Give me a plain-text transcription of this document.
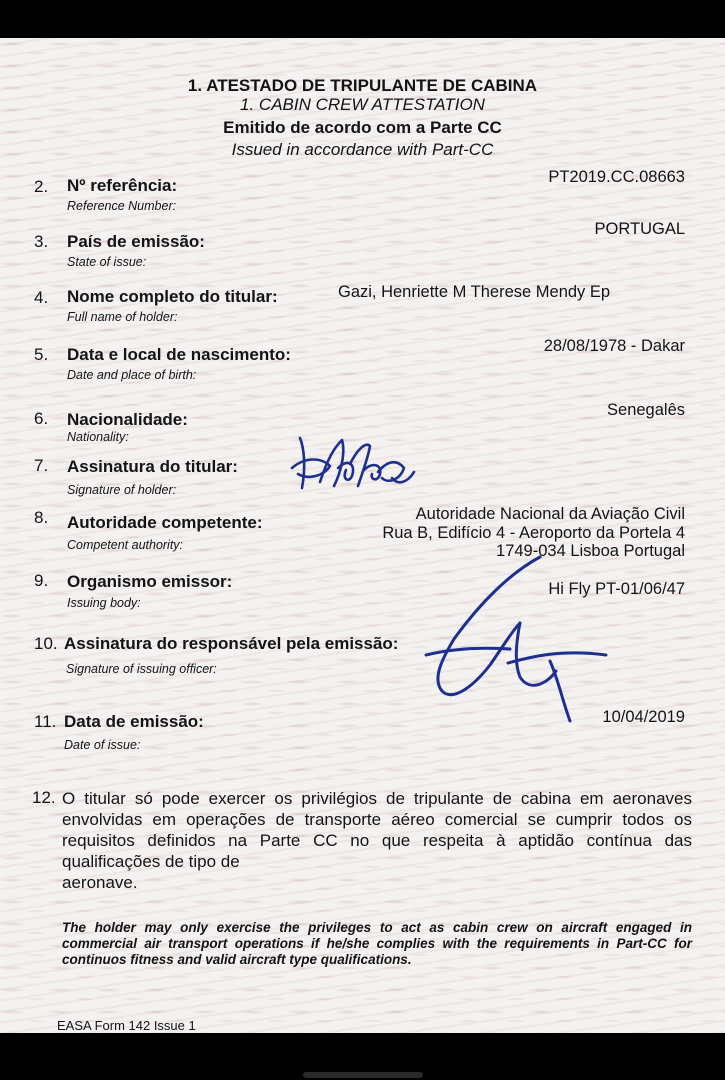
1. ATESTADO DE TRIPULANTE DE CABINA
1. CABIN CREW ATTESTATION
Emitido de acordo com a Parte CC
Issued in accordance with Part-CC
2. Nº referência:
Reference Number:
PT2019.CC.08663
3. País de emissão:
State of issue:
PORTUGAL
4. Nome completo do titular:
Full name of holder:
Gazi, Henriette M Therese Mendy Ep
5. Data e local de nascimento:
Date and place of birth:
28/08/1978 - Dakar
6. Nacionalidade:
Nationality:
Senegalês
7. Assinatura do titular:
Signature of holder:
8. Autoridade competente:
Competent authority:
Autoridade Nacional da Aviação Civil
Rua B, Edifício 4 - Aeroporto da Portela 4
1749-034 Lisboa Portugal
9. Organismo emissor:
Issuing body:
Hi Fly PT-01/06/47
10. Assinatura do responsável pela emissão:
Signature of issuing officer:
11. Data de emissão:
Date of issue:
10/04/2019
12. O titular só pode exercer os privilégios de tripulante de cabina em aeronaves envolvidas em operações de transporte aéreo comercial se cumprir todos os requisitos definidos na Parte CC no que respeita à aptidão contínua das qualificações de tipo de
aeronave.
The holder may only exercise the privileges to act as cabin crew on aircraft engaged in commercial air transport operations if he/she complies with the requirements in Part-CC for continuos fitness and valid aircraft type qualifications.
EASA Form 142 Issue 1
